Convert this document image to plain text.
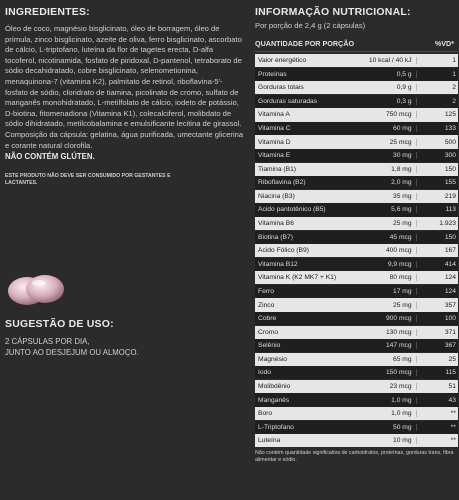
INGREDIENTES:

Óleo de coco, magnésio bisglicinato, óleo de borragem, óleo de prímula, zinco bisglicinato, azeite de oliva, ferro bisglicinato, ascorbato de cálcio, L-triptofano, luteína da flor de tagetes erecta, D-alfa tocoferol, nicotinamida, fosfato de piridoxal, D-pantenol, tetraborato de sódio decahidratado, cobre bisglicinato, selenometionina, menaquinona-7 (vitamina K2), palmitato de retinol, riboflavina-5'-fosfato de sódio, cloridrato de tiamina, picolinato de cromo, sulfato de manganês monohidratado, L-metilfolato de cálcio, iodeto de potássio, D-biotina, fitomenadiona (Vitamina K1), colecalciferol, molibdato de sódio dihidratado, metilcobalamina e emulsificante lecitina de girassol. Composição da cápsula: gelatina, água purificada, umectante glicerina e corante natural clorofila.

NÃO CONTÉM GLÚTEN.
ESTE PRODUTO NÃO DEVE SER CONSUMIDO POR GESTANTES E LACTANTES.
SUGESTÃO DE USO:

2 CÁPSULAS POR DIA,

JUNTO AO DESJEJUM OU ALMOÇO.

INFORMAÇÃO NUTRICIONAL:
Por porção de 2,4 g (2 cápsulas)
QUANTIDADE POR PORÇÃO	%VD*
Valor energético	10 kcal / 40 kJ	1
Proteínas	0,5 g	1
Gorduras totais	0,9 g	2
Gorduras saturadas	0,3 g	2
Vitamina A	750 mcg	125
Vitamina C	60 mg	133
Vitamina D	25 mcg	500
Vitamina E	30 mg	300
Tiamina (B1)	1,8 mg	150
Riboflavina (B2)	2,0 mg	155
Niacina (B3)	35 mg	219
Ácido pantotênico (B5)	5,6 mg	113
Vitamina B6	25 mg	1.923
Biotina (B7)	45 mcg	150
Ácido Fólico (B9)	400 mcg	167
Vitamina B12	9,9 mcg	414
Vitamina K (K2 MK7 + K1)	80 mcg	124
Ferro	17 mg	124
Zinco	25 mg	357
Cobre	900 mcg	100
Cromo	130 mcg	371
Selênio	147 mcg	367
Magnésio	65 mg	25
Iodo	150 mcg	115
Molibdênio	23 mcg	51
Manganês	1,0 mg	43
Boro	1,0 mg	**
L-Triptofano	50 mg	**
Luteína	10 mg	**
Não contém quantidade significativa de carboidratos, proteínas, gorduras trans, fibra alimentar e sódio.
